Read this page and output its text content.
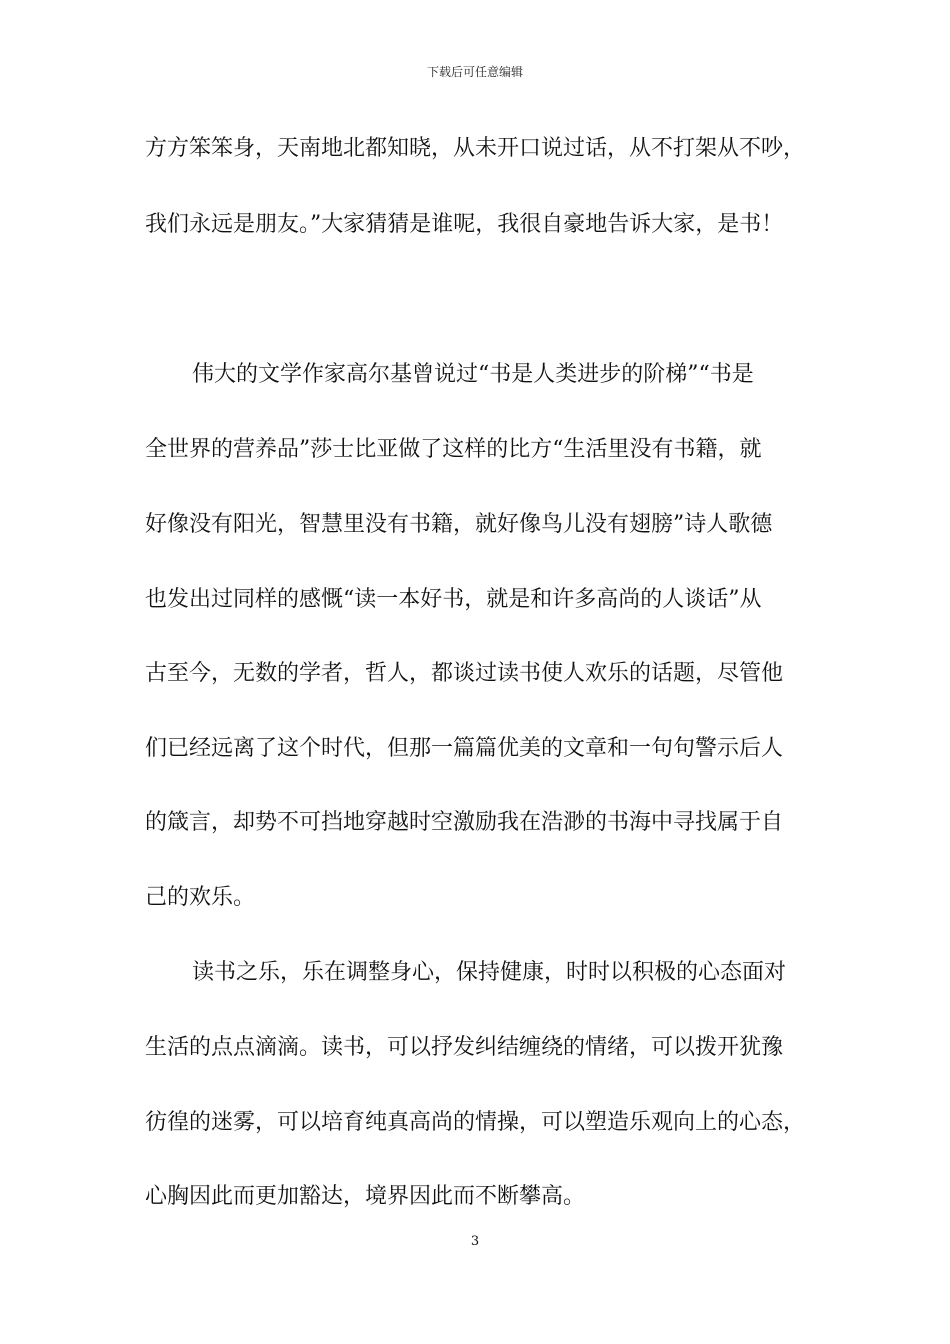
下载后可任意编辑
方方笨笨身，天南地北都知晓，从未开口说过话，从不打架从不吵，
我们永远是朋友。”大家猜猜是谁呢，我很自豪地告诉大家，是书！
伟大的文学作家高尔基曾说过“书是人类进步的阶梯”“书是
全世界的营养品”莎士比亚做了这样的比方“生活里没有书籍，就
好像没有阳光，智慧里没有书籍，就好像鸟儿没有翅膀”诗人歌德
也发出过同样的感慨“读一本好书，就是和许多高尚的人谈话”从
古至今，无数的学者，哲人，都谈过读书使人欢乐的话题，尽管他
们已经远离了这个时代，但那一篇篇优美的文章和一句句警示后人
的箴言，却势不可挡地穿越时空激励我在浩渺的书海中寻找属于自
己的欢乐。
读书之乐，乐在调整身心，保持健康，时时以积极的心态面对
生活的点点滴滴。读书，可以抒发纠结缠绕的情绪，可以拨开犹豫
彷徨的迷雾，可以培育纯真高尚的情操，可以塑造乐观向上的心态，
心胸因此而更加豁达，境界因此而不断攀高。
3
